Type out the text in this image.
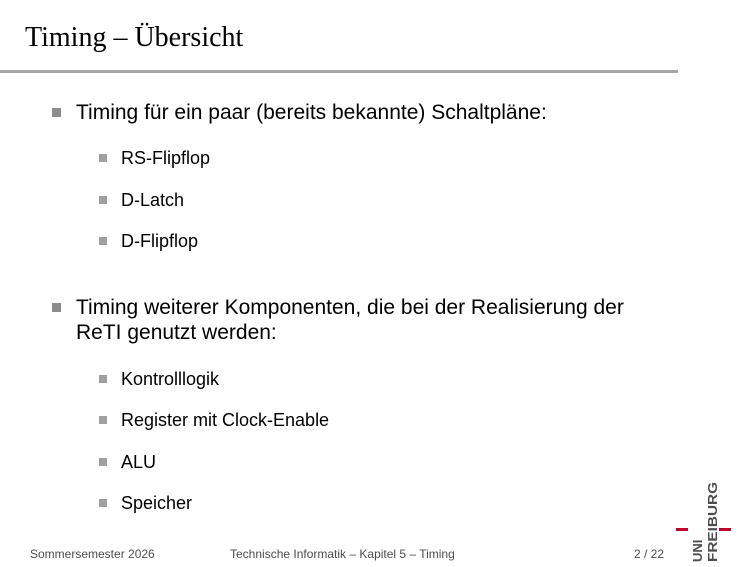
Timing – Übersicht
Timing für ein paar (bereits bekannte) Schaltpläne:
RS-Flipflop
D-Latch
D-Flipflop
Timing weiterer Komponenten, die bei der Realisierung der
ReTI genutzt werden:
Kontrolllogik
Register mit Clock-Enable
ALU
Speicher
Sommersemester 2026	Technische Informatik – Kapitel 5 – Timing	2 / 22 UNI FREIBURG
